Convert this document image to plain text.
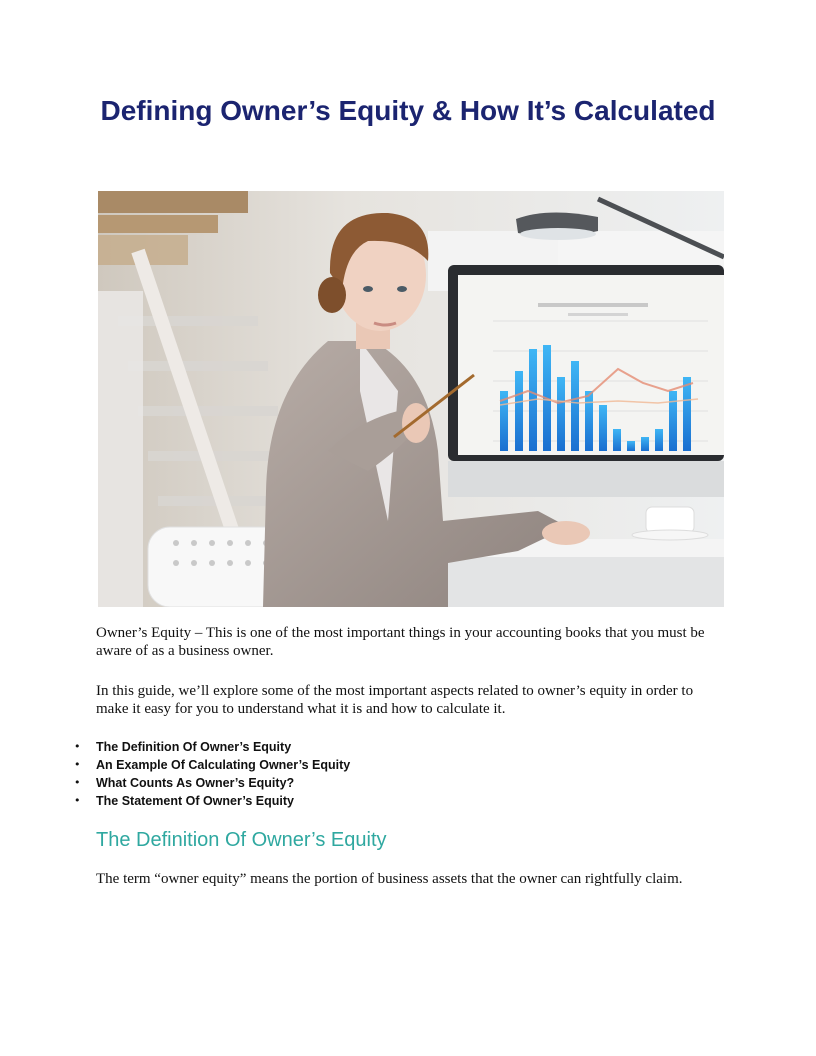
Defining Owner’s Equity & How It’s Calculated

Owner’s Equity – This is one of the most important things in your accounting books that you must be aware of as a business owner.

In this guide, we’ll explore some of the most important aspects related to owner’s equity in order to make it easy for you to understand what it is and how to calculate it.

• The Definition Of Owner’s Equity
• An Example Of Calculating Owner’s Equity
• What Counts As Owner’s Equity?
• The Statement Of Owner’s Equity
The Definition Of Owner’s Equity

The term “owner equity” means the portion of business assets that the owner can rightfully claim.
